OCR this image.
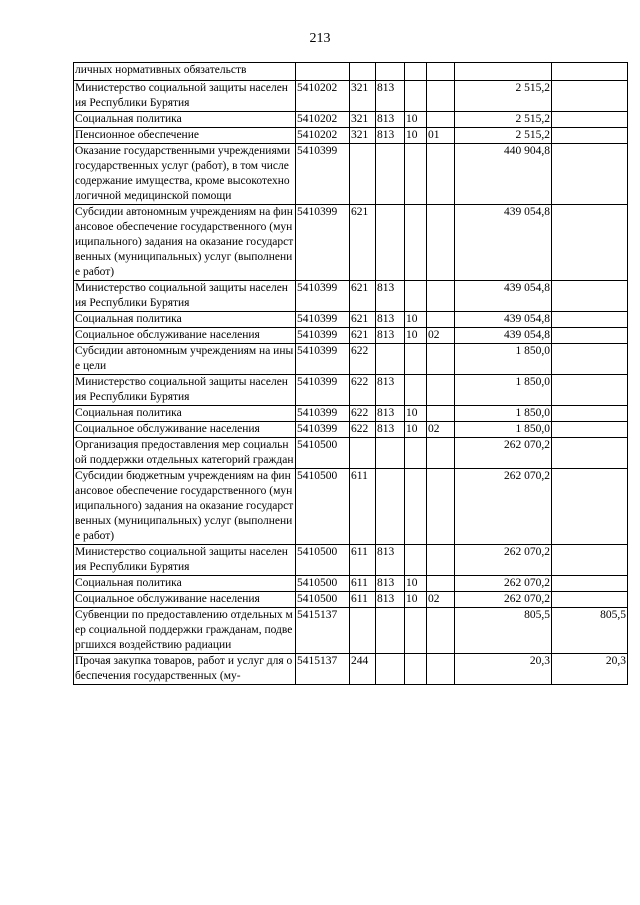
213
личных нормативных обязательств							
Министерство социальной защиты населения Республики Бурятия	5410202	321	813			2 515,2	
Социальная политика	5410202	321	813	10		2 515,2	
Пенсионное обеспечение	5410202	321	813	10	01	2 515,2	
Оказание государственными учреждениями государственных услуг (работ), в том числе содержание имущества, кроме высокотехнологичной медицинской помощи	5410399					440 904,8	
Субсидии автономным учреждениям на финансовое обеспечение государственного (муниципального) задания на оказание государственных (муниципальных) услуг (выполнение работ)	5410399	621				439 054,8	
Министерство социальной защиты населения Республики Бурятия	5410399	621	813			439 054,8	
Социальная политика	5410399	621	813	10		439 054,8	
Социальное обслуживание населения	5410399	621	813	10	02	439 054,8	
Субсидии автономным учреждениям на иные цели	5410399	622				1 850,0	
Министерство социальной защиты населения Республики Бурятия	5410399	622	813			1 850,0	
Социальная политика	5410399	622	813	10		1 850,0	
Социальное обслуживание населения	5410399	622	813	10	02	1 850,0	
Организация предоставления мер социальной поддержки отдельных категорий граждан	5410500					262 070,2	
Субсидии бюджетным учреждениям на финансовое обеспечение государственного (муниципального) задания на оказание государственных (муниципальных) услуг (выполнение работ)	5410500	611				262 070,2	
Министерство социальной защиты населения Республики Бурятия	5410500	611	813			262 070,2	
Социальная политика	5410500	611	813	10		262 070,2	
Социальное обслуживание населения	5410500	611	813	10	02	262 070,2	
Субвенции по предоставлению отдельных мер социальной поддержки гражданам, подвергшихся воздействию радиации	5415137					805,5	805,5
Прочая закупка товаров, работ и услуг для обеспечения государственных (му-	5415137	244				20,3	20,3
